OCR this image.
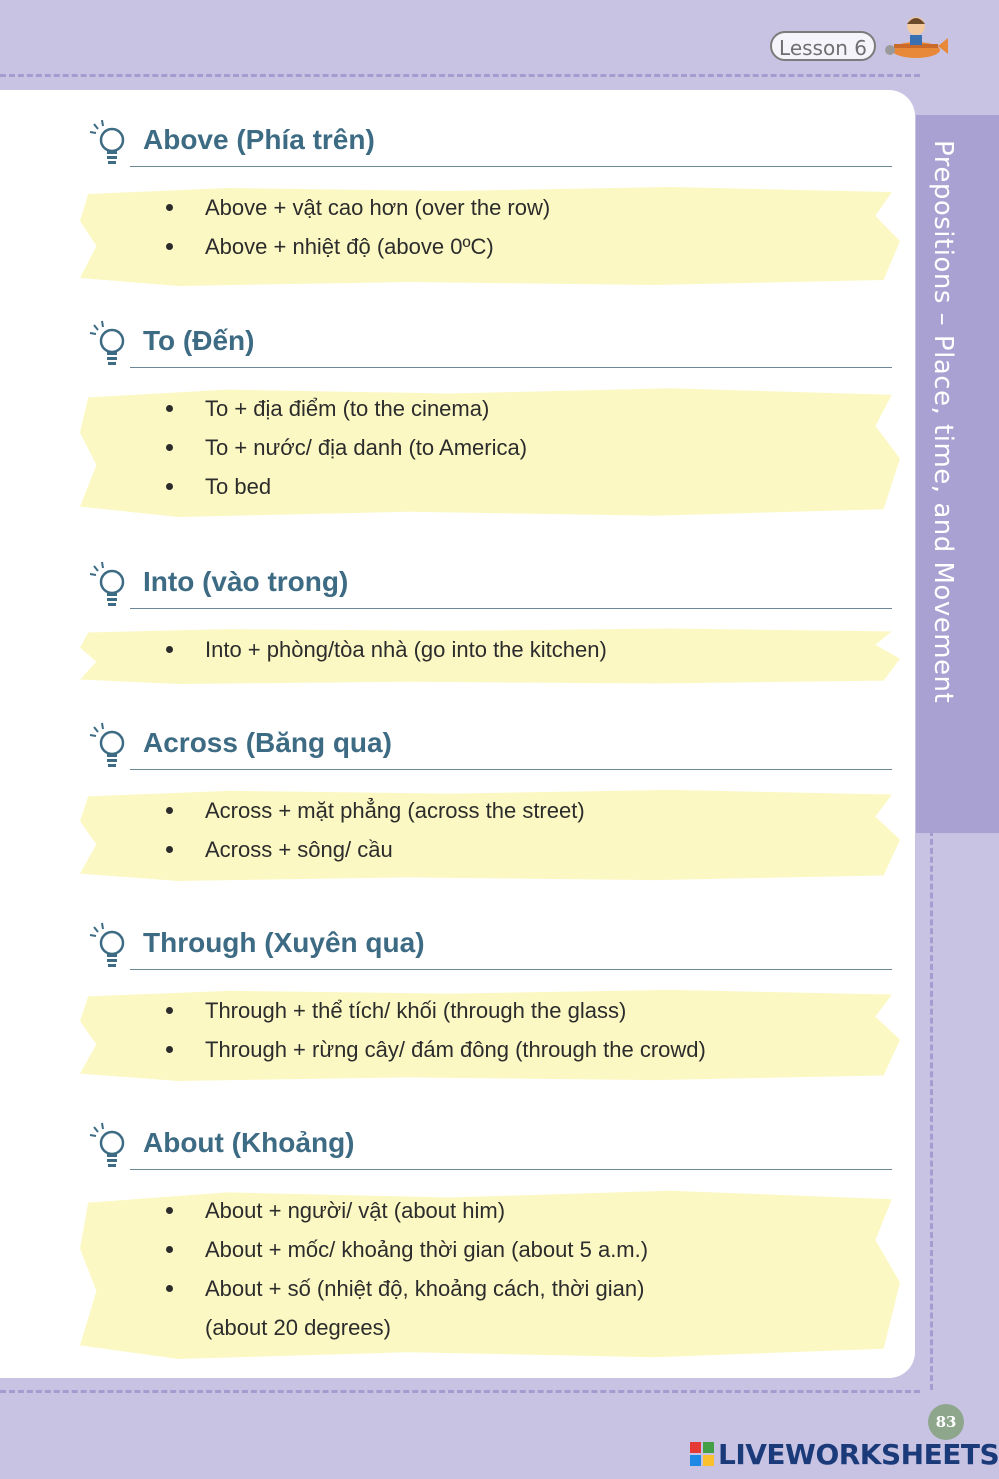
Lesson 6
Prepositions – Place, time, and Movement
Above (Phía trên)
Above + vật cao hơn (over the row)
Above + nhiệt độ (above 0ºC)
To (Đến)
To + địa điểm (to the cinema)
To + nước/ địa danh (to America)
To bed
Into (vào trong)
Into + phòng/tòa nhà (go into the kitchen)
Across (Băng qua)
Across + mặt phẳng (across the street)
Across + sông/ cầu
Through (Xuyên qua)
Through + thể tích/ khối (through the glass)
Through + rừng cây/ đám đông (through the crowd)
About (Khoảng)
About + người/ vật (about him)
About + mốc/ khoảng thời gian (about 5 a.m.)
About + số (nhiệt độ, khoảng cách, thời gian)
(about 20 degrees)
83
LIVEWORKSHEETS
